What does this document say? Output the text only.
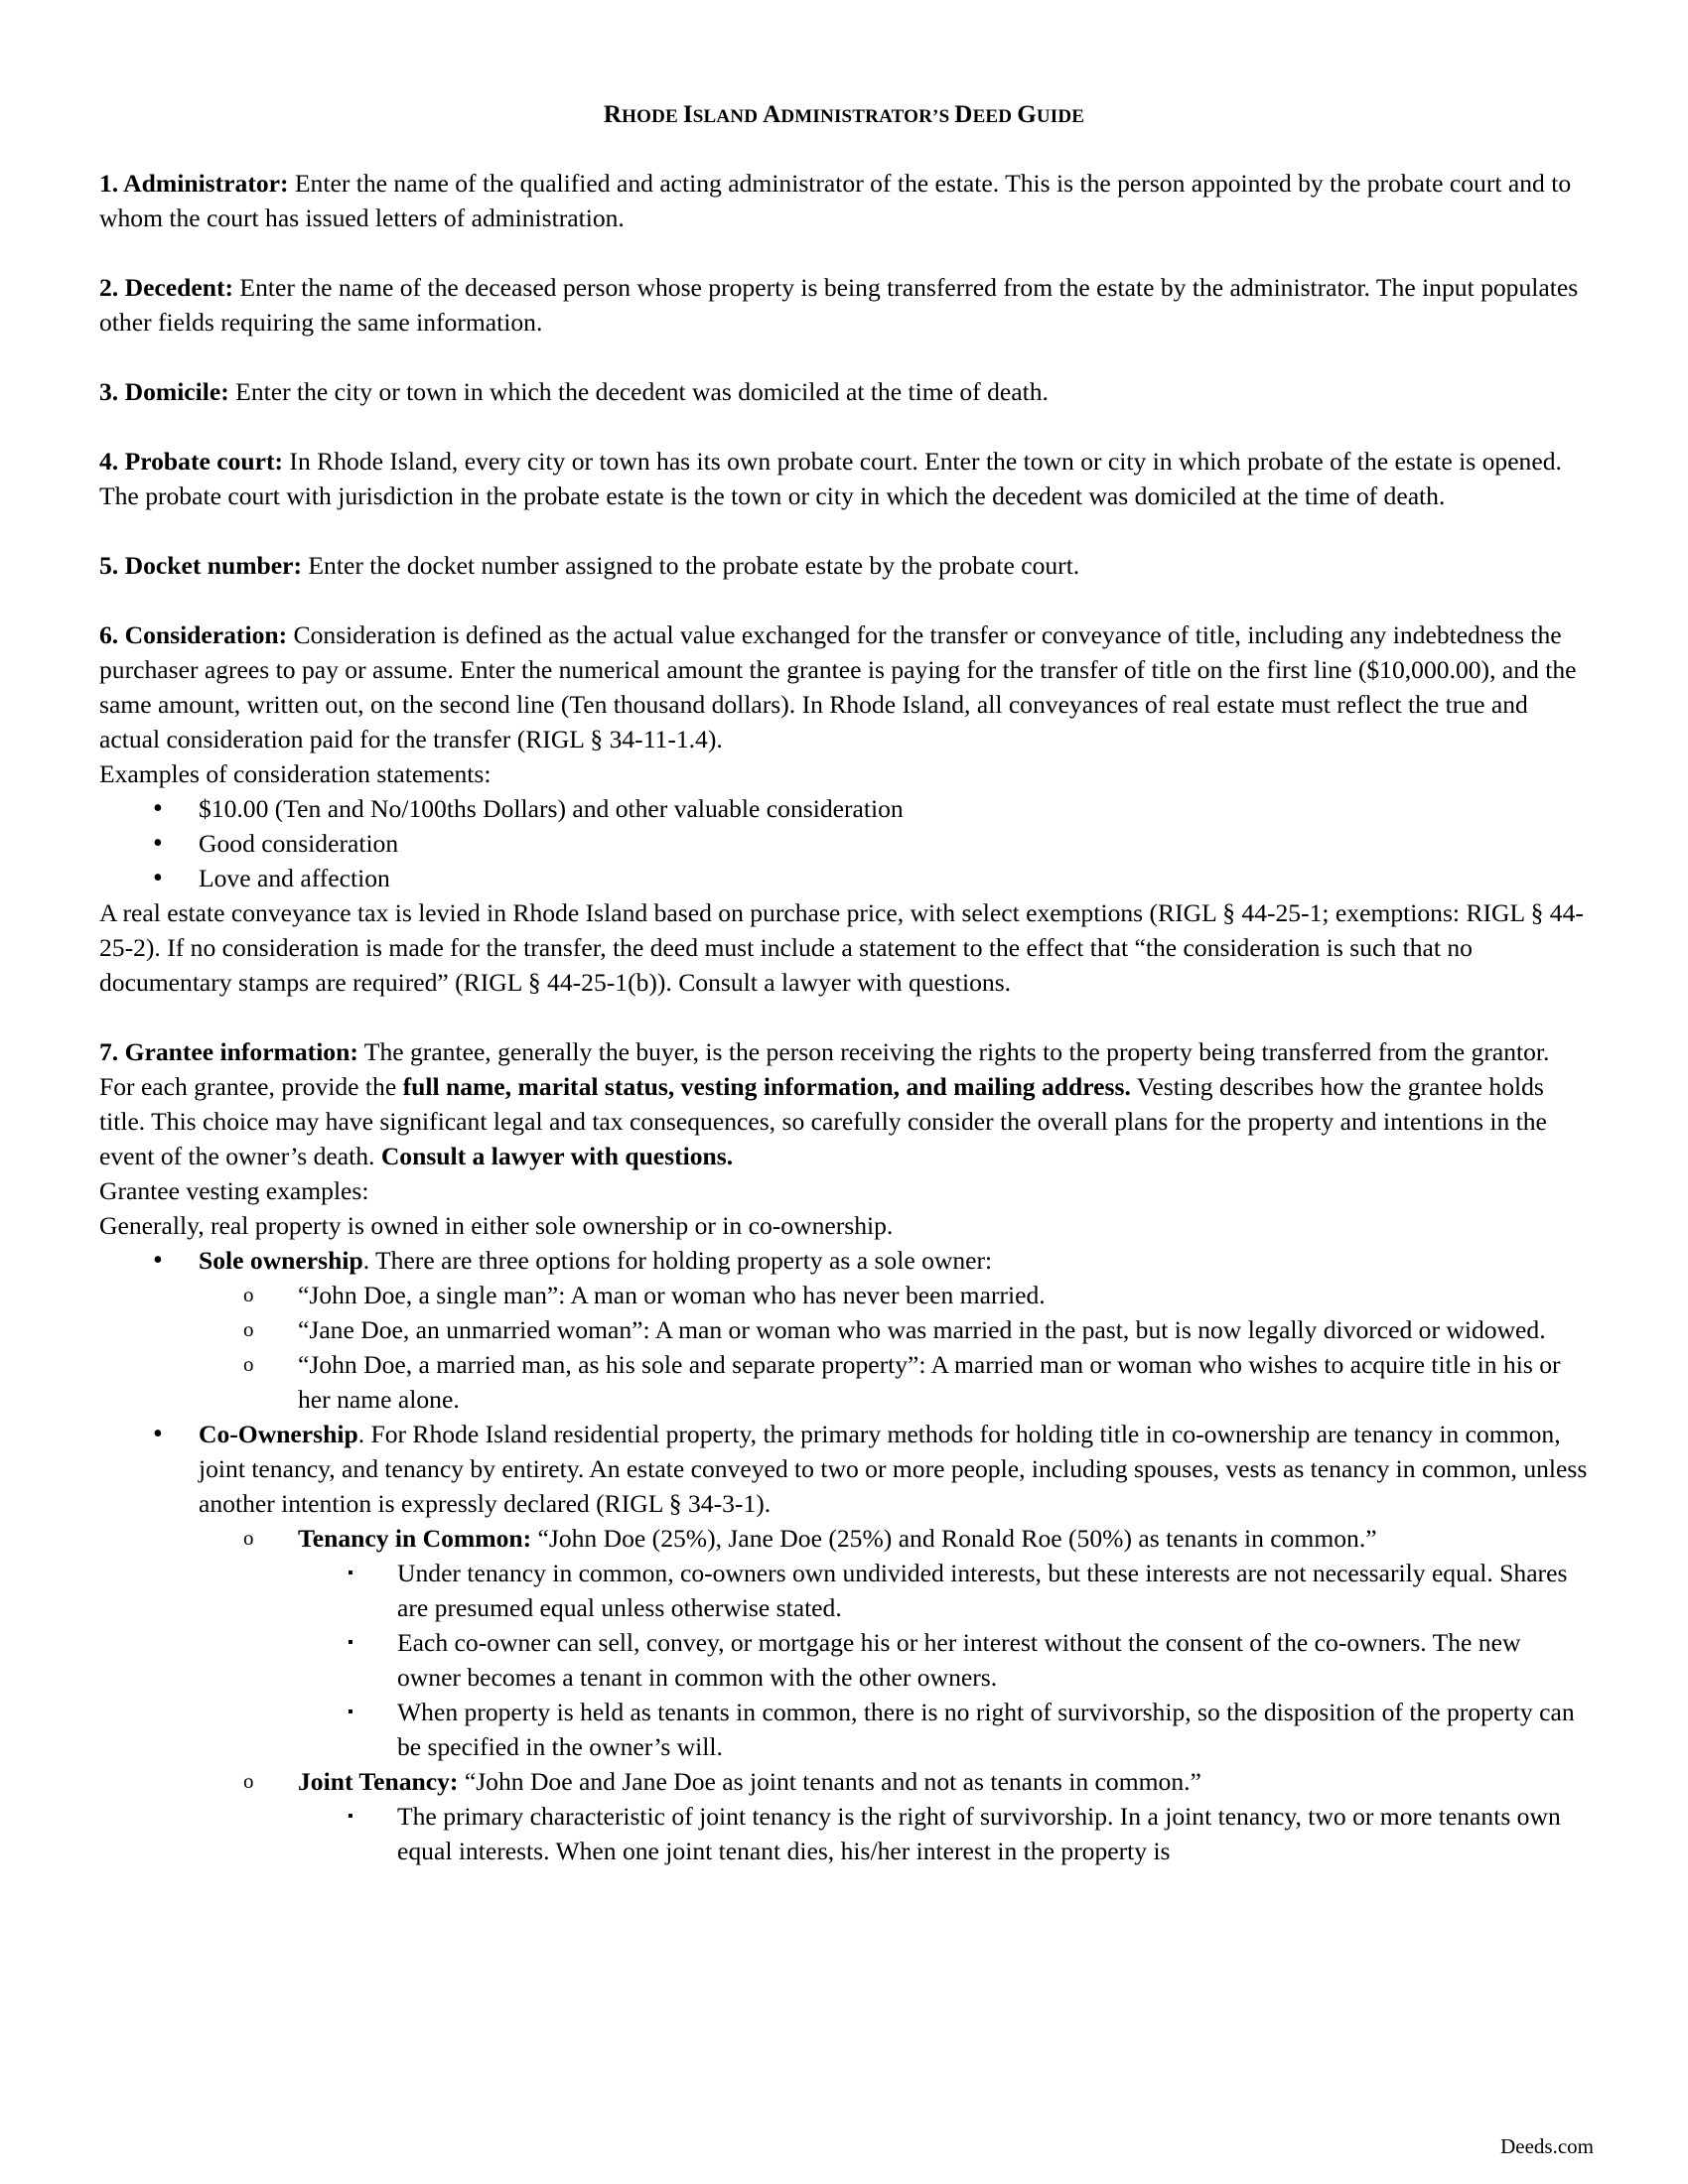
RHODE ISLAND ADMINISTRATOR’S DEED GUIDE

1. Administrator: Enter the name of the qualified and acting administrator of the estate. This is the person appointed by the probate court and to whom the court has issued letters of administration.

2. Decedent: Enter the name of the deceased person whose property is being transferred from the estate by the administrator. The input populates other fields requiring the same information.

3. Domicile: Enter the city or town in which the decedent was domiciled at the time of death.

4. Probate court: In Rhode Island, every city or town has its own probate court. Enter the town or city in which probate of the estate is opened. The probate court with jurisdiction in the probate estate is the town or city in which the decedent was domiciled at the time of death.

5. Docket number: Enter the docket number assigned to the probate estate by the probate court.

6. Consideration: Consideration is defined as the actual value exchanged for the transfer or conveyance of title, including any indebtedness the purchaser agrees to pay or assume. Enter the numerical amount the grantee is paying for the transfer of title on the first line ($10,000.00), and the same amount, written out, on the second line (Ten thousand dollars). In Rhode Island, all conveyances of real estate must reflect the true and actual consideration paid for the transfer (RIGL § 34-11-1.4).

Examples of consideration statements:

• $10.00 (Ten and No/100ths Dollars) and other valuable consideration
• Good consideration
• Love and affection

A real estate conveyance tax is levied in Rhode Island based on purchase price, with select exemptions (RIGL § 44-25-1; exemptions: RIGL § 44-25-2). If no consideration is made for the transfer, the deed must include a statement to the effect that “the consideration is such that no documentary stamps are required” (RIGL § 44-25-1(b)). Consult a lawyer with questions.

7. Grantee information: The grantee, generally the buyer, is the person receiving the rights to the property being transferred from the grantor. For each grantee, provide the full name, marital status, vesting information, and mailing address. Vesting describes how the grantee holds title. This choice may have significant legal and tax consequences, so carefully consider the overall plans for the property and intentions in the event of the owner’s death. Consult a lawyer with questions.

Grantee vesting examples:

Generally, real property is owned in either sole ownership or in co-ownership.

• Sole ownership. There are three options for holding property as a sole owner:
o “John Doe, a single man”: A man or woman who has never been married.
o “Jane Doe, an unmarried woman”: A man or woman who was married in the past, but is now legally divorced or widowed.
o “John Doe, a married man, as his sole and separate property”: A married man or woman who wishes to acquire title in his or her name alone.
• Co-Ownership. For Rhode Island residential property, the primary methods for holding title in co-ownership are tenancy in common, joint tenancy, and tenancy by entirety. An estate conveyed to two or more people, including spouses, vests as tenancy in common, unless another intention is expressly declared (RIGL § 34-3-1).
o Tenancy in Common: “John Doe (25%), Jane Doe (25%) and Ronald Roe (50%) as tenants in common.”
▪ Under tenancy in common, co-owners own undivided interests, but these interests are not necessarily equal. Shares are presumed equal unless otherwise stated.
▪ Each co-owner can sell, convey, or mortgage his or her interest without the consent of the co-owners. The new owner becomes a tenant in common with the other owners.
▪ When property is held as tenants in common, there is no right of survivorship, so the disposition of the property can be specified in the owner’s will.
o Joint Tenancy: “John Doe and Jane Doe as joint tenants and not as tenants in common.”
▪ The primary characteristic of joint tenancy is the right of survivorship. In a joint tenancy, two or more tenants own equal interests. When one joint tenant dies, his/her interest in the property is
Deeds.com
